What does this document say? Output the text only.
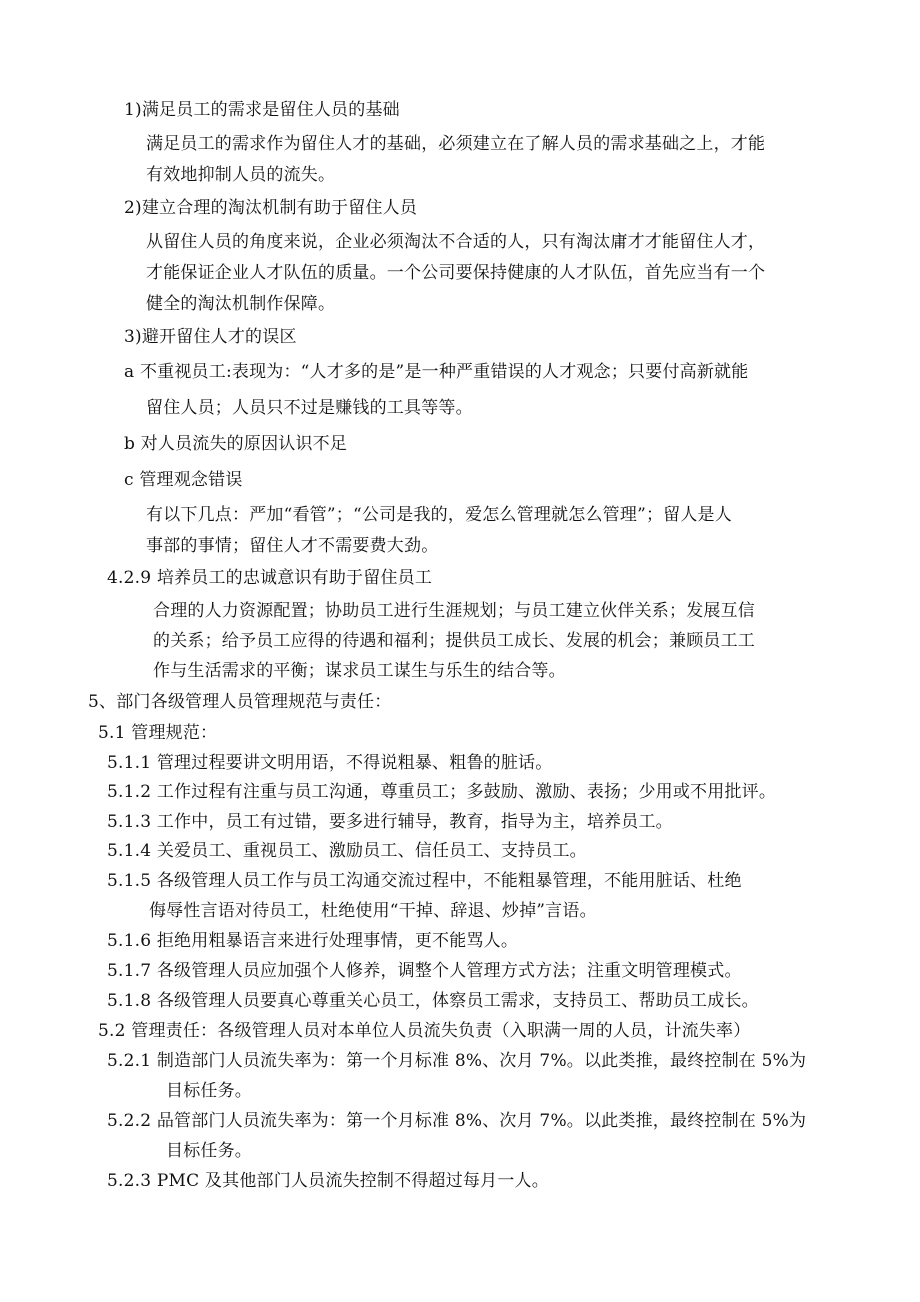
1)满足员工的需求是留住人员的基础
满足员工的需求作为留住人才的基础，必须建立在了解人员的需求基础之上，才能
有效地抑制人员的流失。
2)建立合理的淘汰机制有助于留住人员
从留住人员的角度来说，企业必须淘汰不合适的人，只有淘汰庸才才能留住人才，
才能保证企业人才队伍的质量。一个公司要保持健康的人才队伍，首先应当有一个
健全的淘汰机制作保障。
3)避开留住人才的误区
a 不重视员工:表现为：“人才多的是”是一种严重错误的人才观念；只要付高新就能
留住人员；人员只不过是赚钱的工具等等。
b 对人员流失的原因认识不足
c 管理观念错误
有以下几点：严加“看管”；“公司是我的，爱怎么管理就怎么管理”；留人是人
事部的事情；留住人才不需要费大劲。
4.2.9 培养员工的忠诚意识有助于留住员工
合理的人力资源配置；协助员工进行生涯规划；与员工建立伙伴关系；发展互信
的关系；给予员工应得的待遇和福利；提供员工成长、发展的机会；兼顾员工工
作与生活需求的平衡；谋求员工谋生与乐生的结合等。
5、部门各级管理人员管理规范与责任：
5.1 管理规范：
5.1.1 管理过程要讲文明用语，不得说粗暴、粗鲁的脏话。
5.1.2 工作过程有注重与员工沟通，尊重员工；多鼓励、激励、表扬；少用或不用批评。
5.1.3 工作中，员工有过错，要多进行辅导，教育，指导为主，培养员工。
5.1.4 关爱员工、重视员工、激励员工、信任员工、支持员工。
5.1.5 各级管理人员工作与员工沟通交流过程中，不能粗暴管理，不能用脏话、杜绝
侮辱性言语对待员工，杜绝使用“干掉、辞退、炒掉”言语。
5.1.6 拒绝用粗暴语言来进行处理事情，更不能骂人。
5.1.7 各级管理人员应加强个人修养，调整个人管理方式方法；注重文明管理模式。
5.1.8 各级管理人员要真心尊重关心员工，体察员工需求，支持员工、帮助员工成长。
5.2 管理责任：各级管理人员对本单位人员流失负责（入职满一周的人员，计流失率）
5.2.1 制造部门人员流失率为：第一个月标准 8%、次月 7%。以此类推，最终控制在 5%为
目标任务。
5.2.2 品管部门人员流失率为：第一个月标准 8%、次月 7%。以此类推，最终控制在 5%为
目标任务。
5.2.3 PMC 及其他部门人员流失控制不得超过每月一人。
